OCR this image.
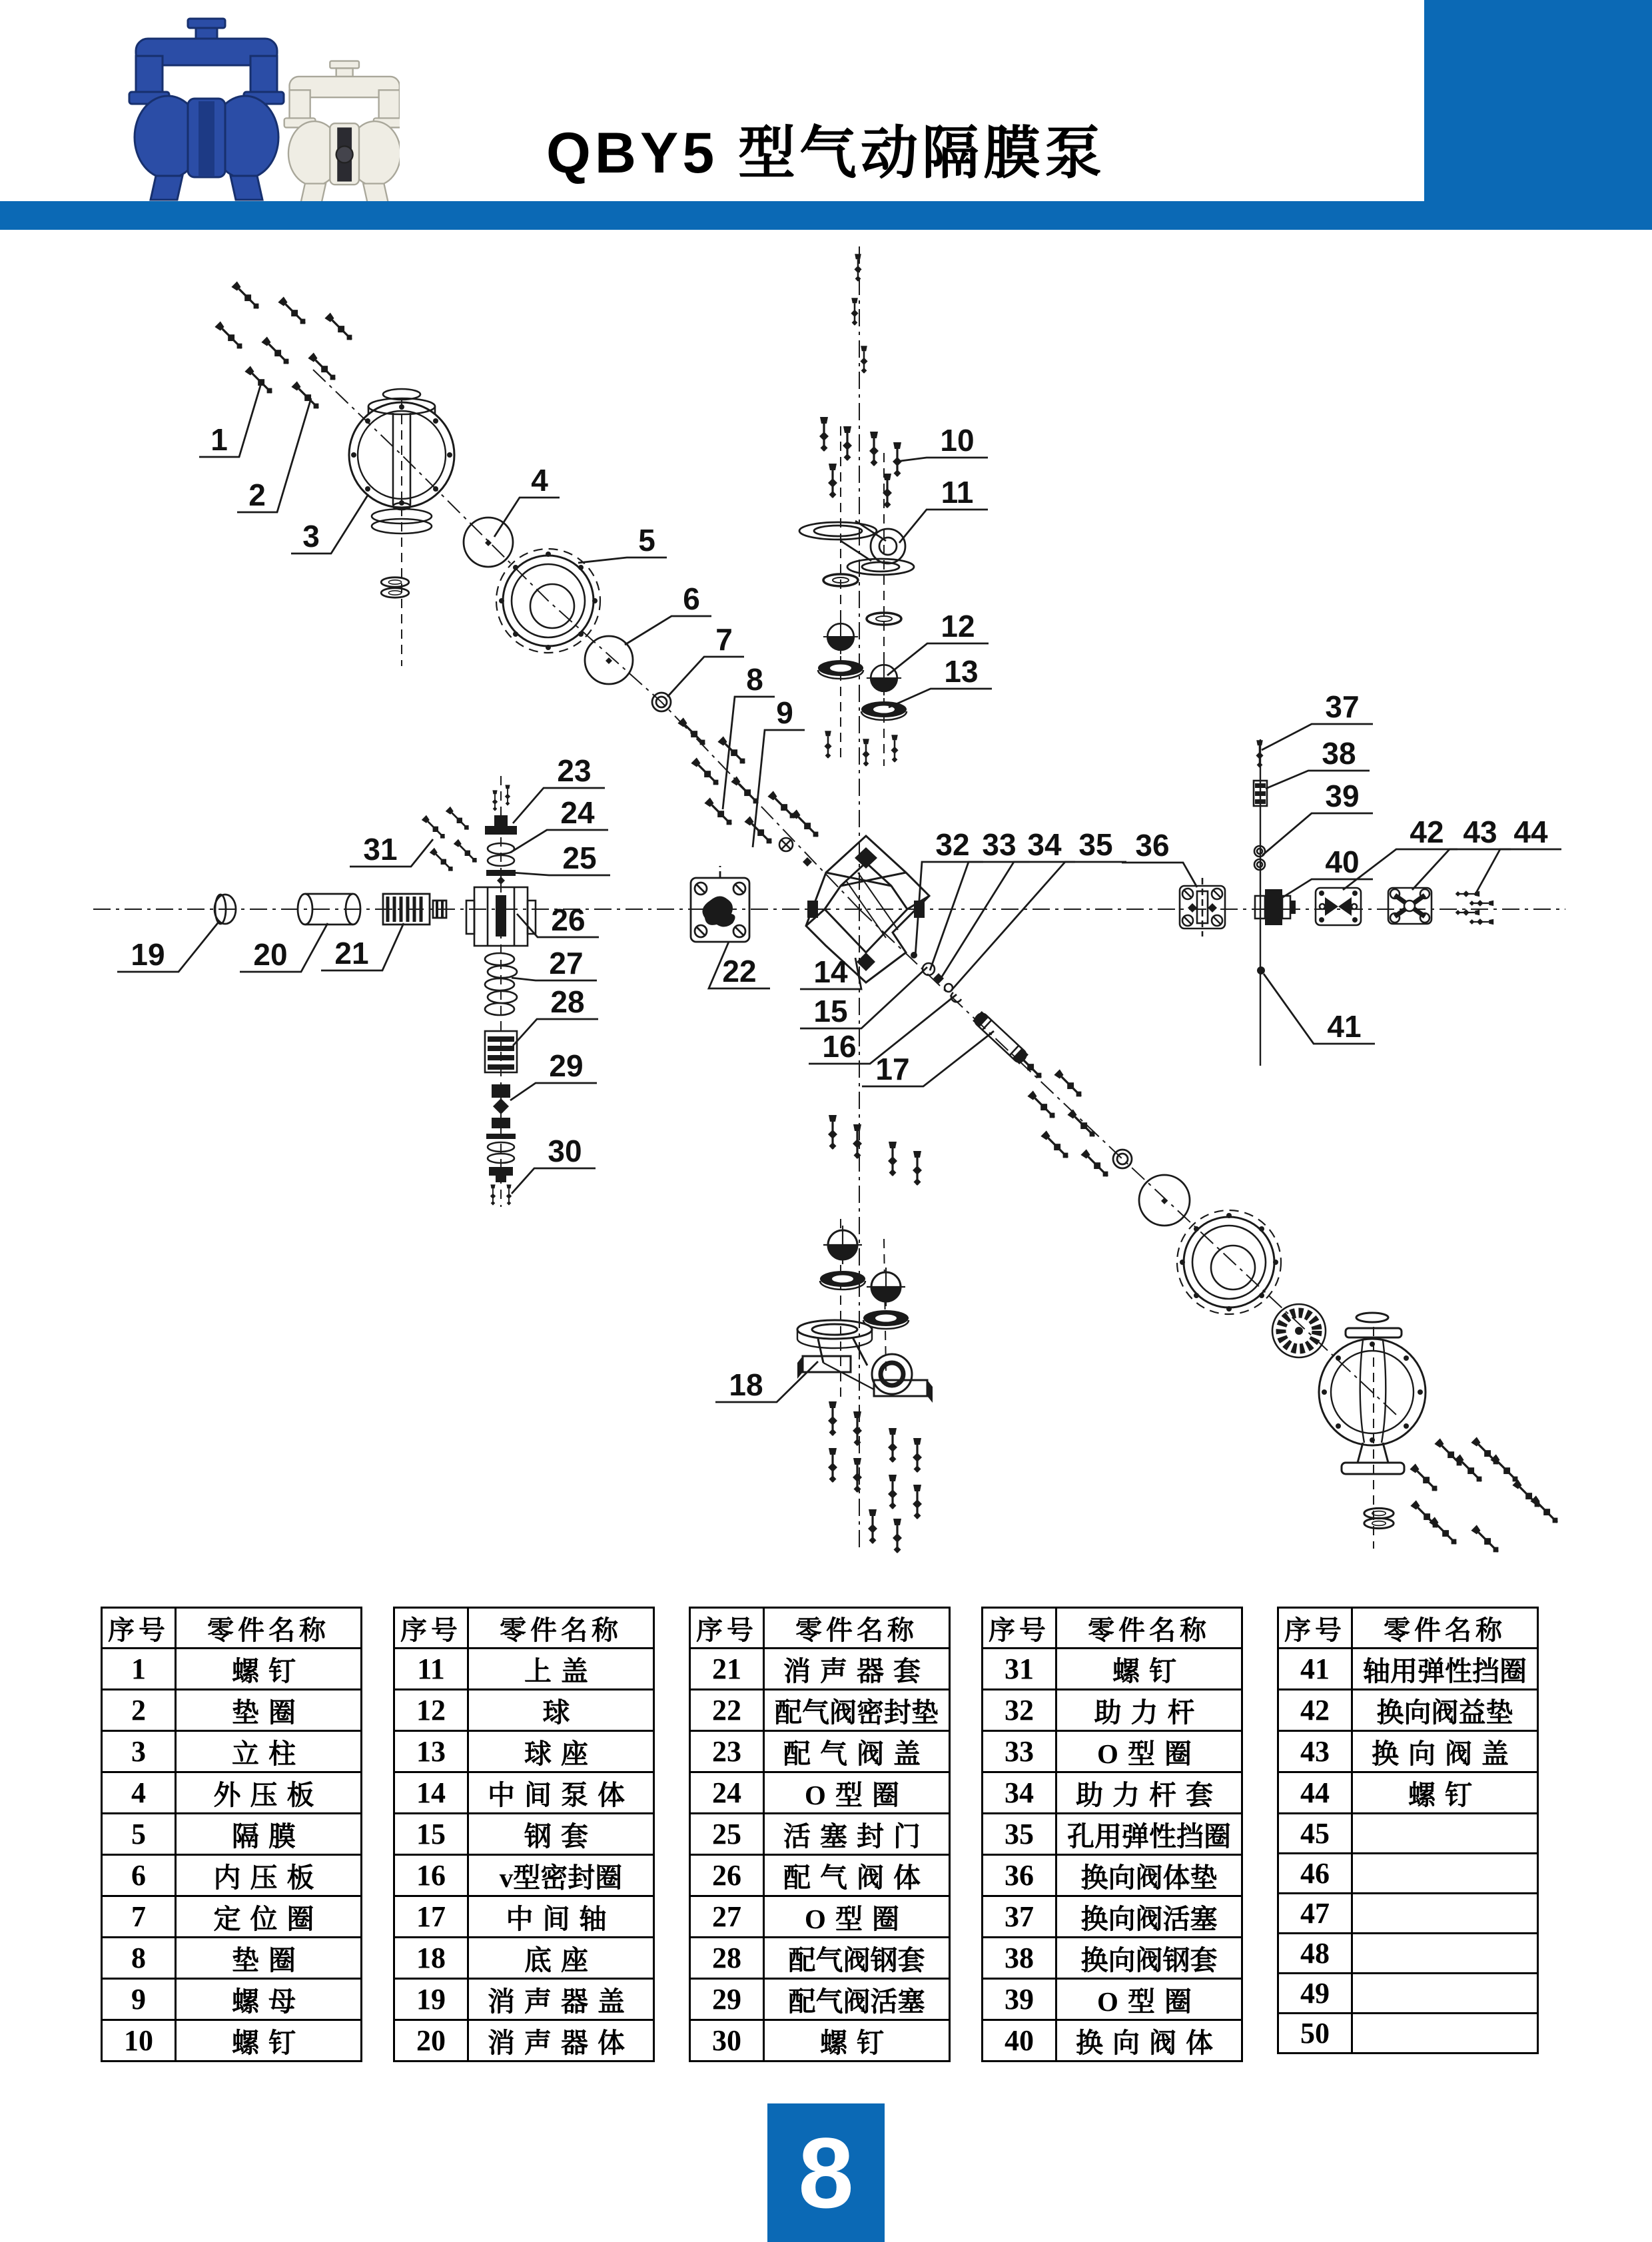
QBY5 型气动隔膜泵
1
2
3
4
5
6
7
8
9
10
11
12
13
14
15
16
17
18
19	20 21
22
23
24
25
26
27
28
29
30
31	32 33 34 35 36
37
38
39
40
41
42 43 44
序号	零件名称
1	螺钉
2	垫圈
3	立柱
4	外压板
5	隔膜
6	内压板
7	定位圈
8	垫圈
9	螺母
10	螺钉
序号	零件名称
11	上盖
12	球
13	球座
14	中间泵体
15	钢套
16	v型密封圈
17	中间轴
18	底座
19	消声器盖
20	消声器体
序号	零件名称
21	消声器套
22	配气阀密封垫
23	配气阀盖
24	O型圈
25	活塞封门
26	配气阀体
27	O型圈
28	配气阀钢套
29	配气阀活塞
30	螺钉
序号	零件名称
31	螺钉
32	助力杆
33	O型圈
34	助力杆套
35	孔用弹性挡圈
36	换向阀体垫
37	换向阀活塞
38	换向阀钢套
39	O型圈
40	换向阀体
序号	零件名称
41	轴用弹性挡圈
42	换向阀益垫
43	换向阀盖
44	螺钉
45	
46	
47	
48	
49	
50	
8
